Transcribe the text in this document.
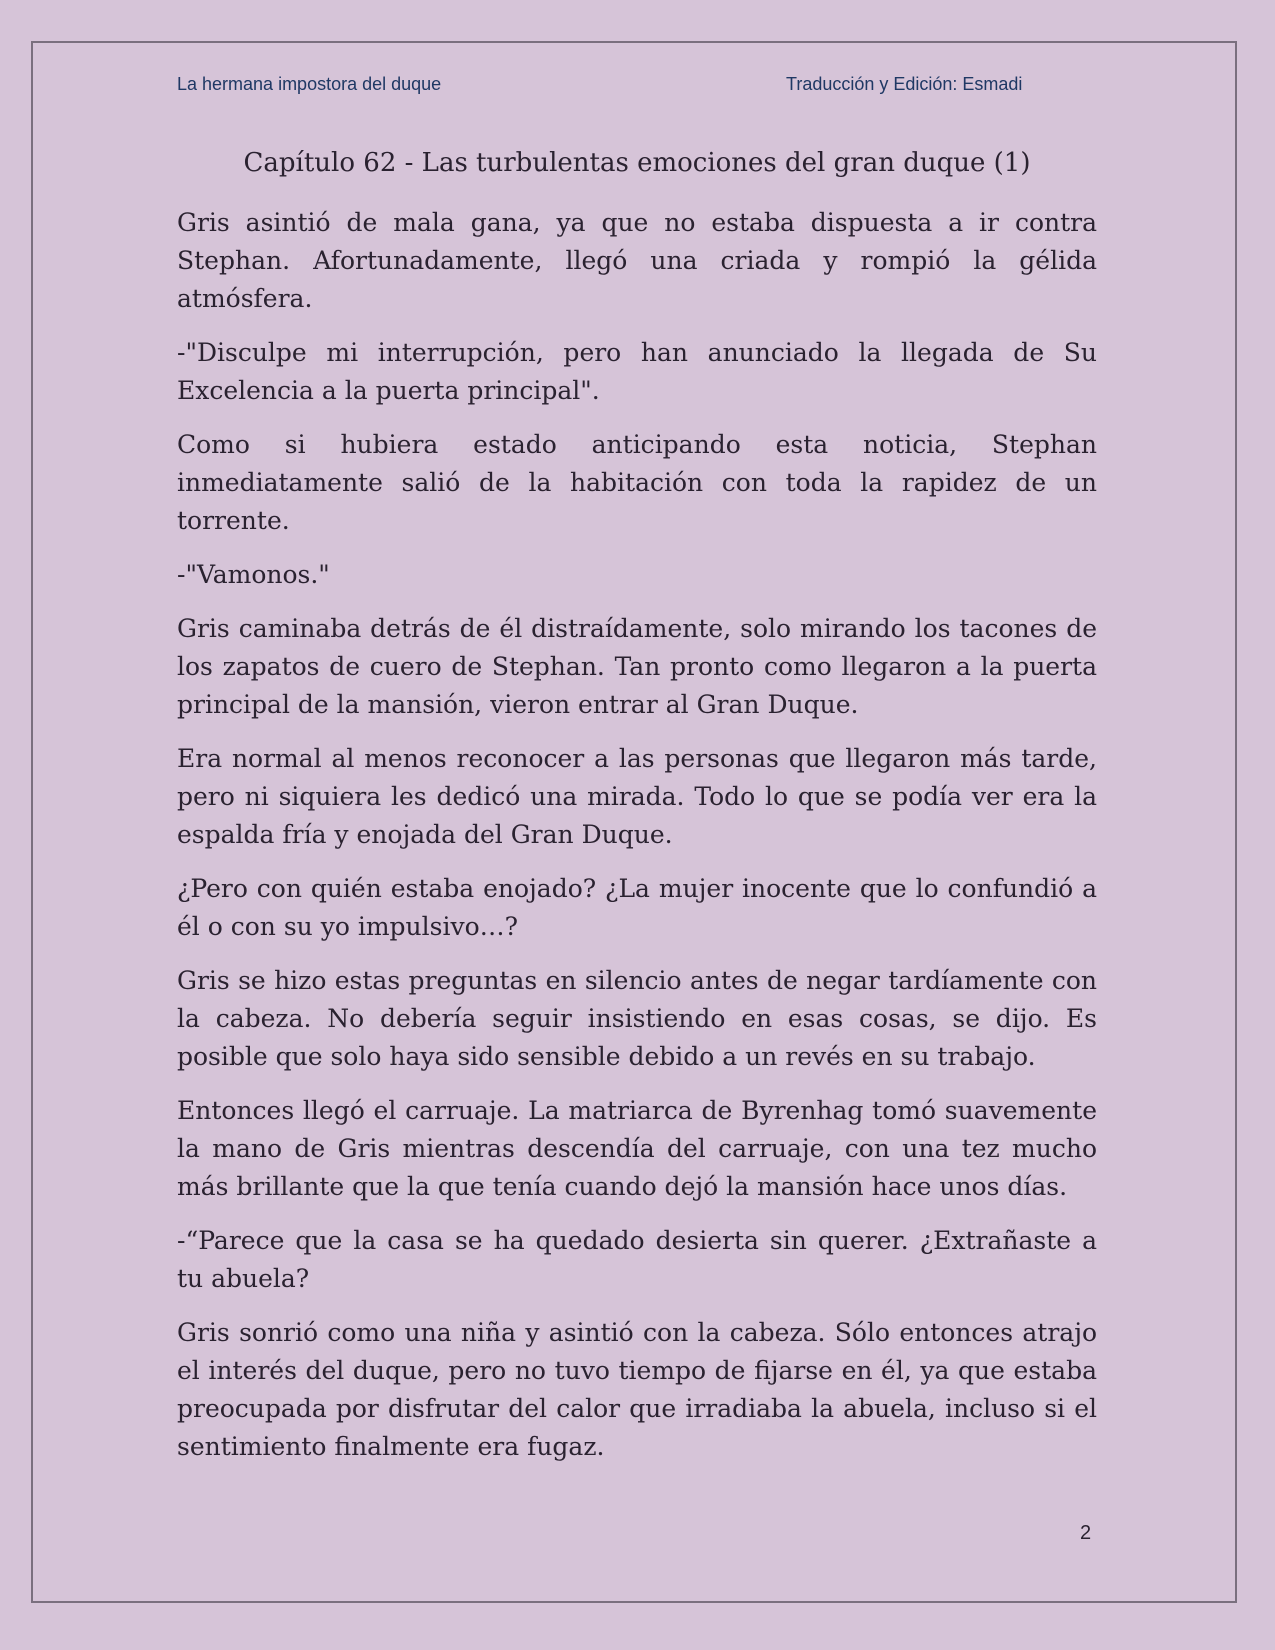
La hermana impostora del duque	Traducción y Edición: Esmadi
Capítulo 62 - Las turbulentas emociones del gran duque (1)

Gris asintió de mala gana, ya que no estaba dispuesta a ir contra Stephan. Afortunadamente, llegó una criada y rompió la gélida atmósfera.

-"Disculpe mi interrupción, pero han anunciado la llegada de Su Excelencia a la puerta principal".

Como si hubiera estado anticipando esta noticia, Stephan inmediatamente salió de la habitación con toda la rapidez de un torrente.

-"Vamonos."

Gris caminaba detrás de él distraídamente, solo mirando los tacones de los zapatos de cuero de Stephan. Tan pronto como llegaron a la puerta principal de la mansión, vieron entrar al Gran Duque.

Era normal al menos reconocer a las personas que llegaron más tarde, pero ni siquiera les dedicó una mirada. Todo lo que se podía ver era la espalda fría y enojada del Gran Duque.

¿Pero con quién estaba enojado? ¿La mujer inocente que lo confundió a él o con su yo impulsivo…?

Gris se hizo estas preguntas en silencio antes de negar tardíamente con la cabeza. No debería seguir insistiendo en esas cosas, se dijo. Es posible que solo haya sido sensible debido a un revés en su trabajo.

Entonces llegó el carruaje. La matriarca de Byrenhag tomó suavemente la mano de Gris mientras descendía del carruaje, con una tez mucho más brillante que la que tenía cuando dejó la mansión hace unos días.

-“Parece que la casa se ha quedado desierta sin querer. ¿Extrañaste a tu abuela?

Gris sonrió como una niña y asintió con la cabeza. Sólo entonces atrajo el interés del duque, pero no tuvo tiempo de fijarse en él, ya que estaba preocupada por disfrutar del calor que irradiaba la abuela, incluso si el sentimiento finalmente era fugaz.

2
